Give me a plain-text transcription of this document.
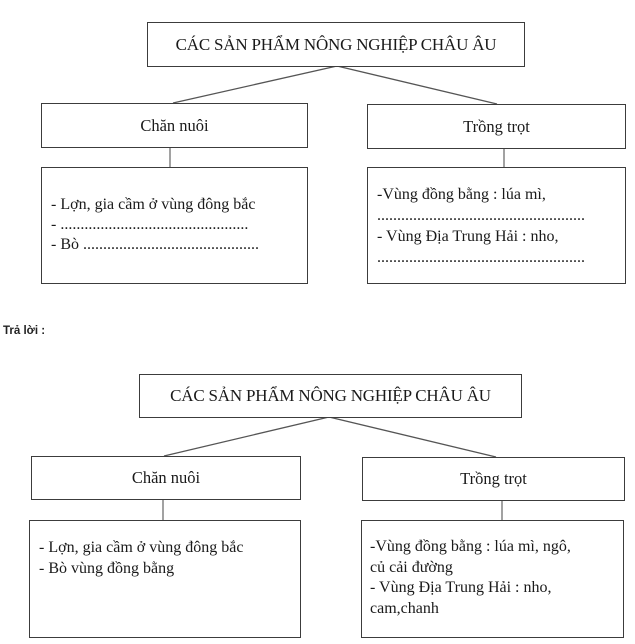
CÁC SẢN PHẨM NÔNG NGHIỆP CHÂU ÂU
Chăn nuôi	Trồng trọt
- Lợn, gia cầm ở vùng đông bắc
- ...............................................
- Bò ............................................
-Vùng đồng bằng : lúa mì,
....................................................
- Vùng Địa Trung Hải : nho,
....................................................
Trả lời :
CÁC SẢN PHẨM NÔNG NGHIỆP CHÂU ÂU
Chăn nuôi	Trồng trọt
- Lợn, gia cầm ở vùng đông bắc
- Bò vùng đồng bằng
-Vùng đồng bằng : lúa mì, ngô,
củ cải đường
- Vùng Địa Trung Hải : nho,
cam,chanh
